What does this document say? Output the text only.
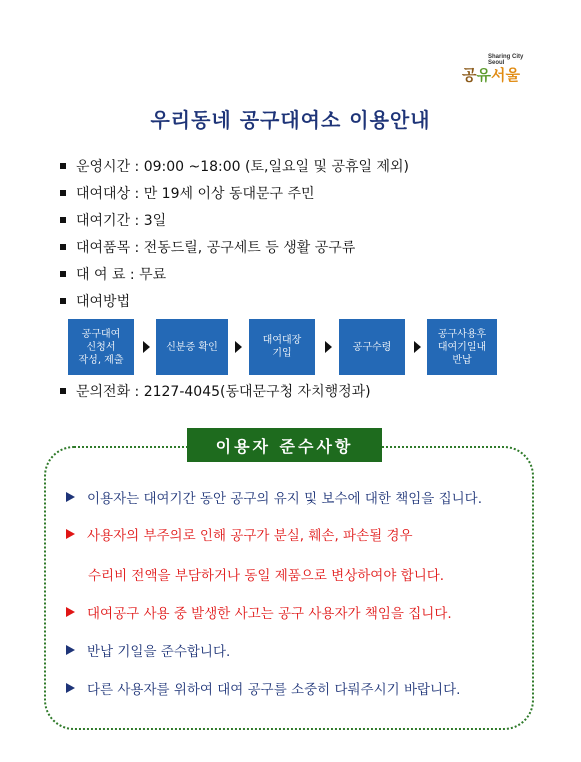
Sharing City
Seoul
공유서울
우리동네 공구대여소 이용안내
운영시간 : 09:00 ~18:00 (토,일요일 및 공휴일 제외)
대여대상 : 만 19세 이상 동대문구 주민
대여기간 : 3일
대여품목 : 전동드릴, 공구세트 등 생활 공구류
대 여 료 : 무료
대여방법
공구대여
신청서
작성, 제출
신분증 확인
대여대장
기입
공구수령
공구사용후
대여기일내
반납
문의전화 : 2127-4045(동대문구청 자치행정과)
이용자 준수사항
이용자는 대여기간 동안 공구의 유지 및 보수에 대한 책임을 집니다.
사용자의 부주의로 인해 공구가 분실, 훼손, 파손될 경우
수리비 전액을 부담하거나 동일 제품으로 변상하여야 합니다.
대여공구 사용 중 발생한 사고는 공구 사용자가 책임을 집니다.
반납 기일을 준수합니다.
다른 사용자를 위하여 대여 공구를 소중히 다뤄주시기 바랍니다.
